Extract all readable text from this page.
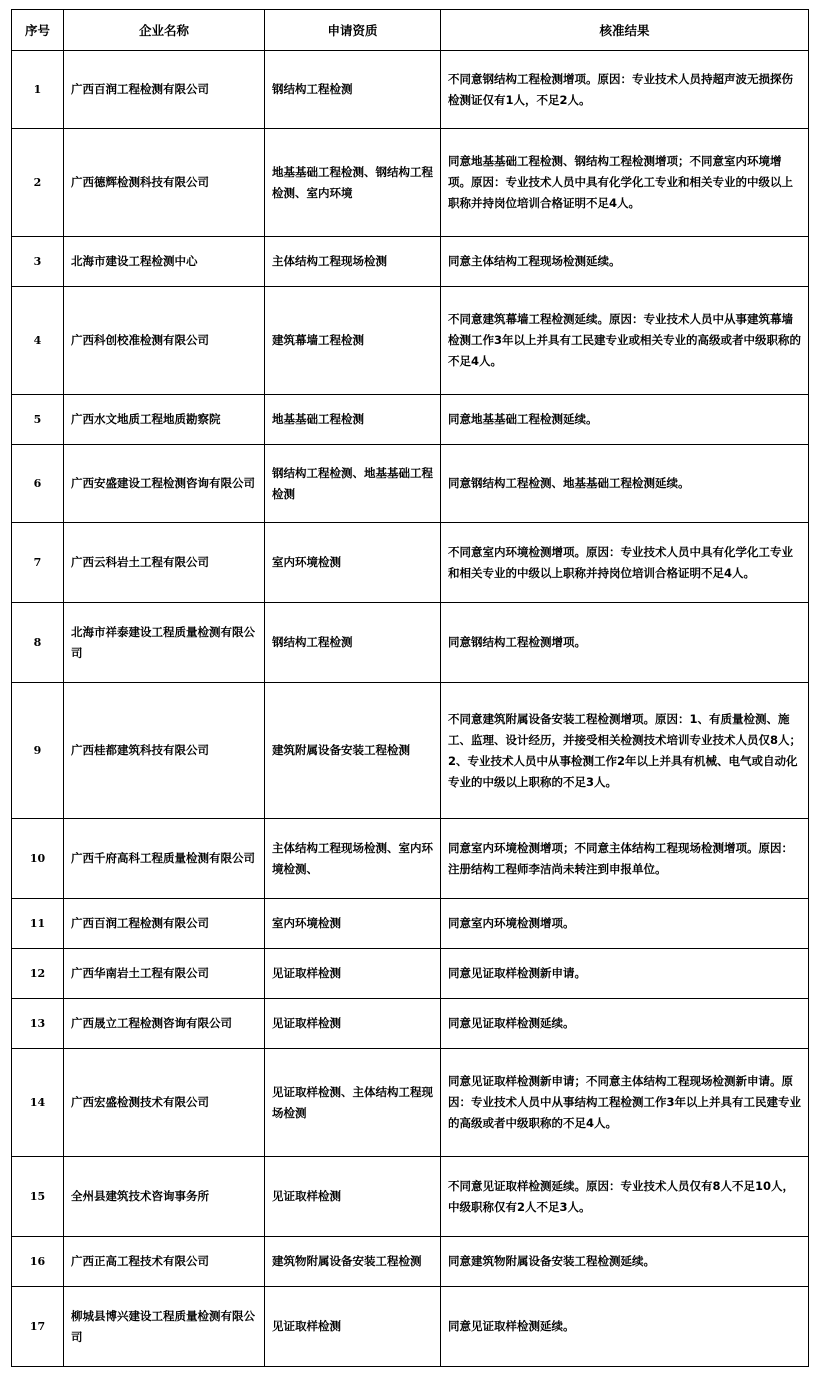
序号	企业名称	申请资质	核准结果
1	广西百润工程检测有限公司	钢结构工程检测	不同意钢结构工程检测增项。原因：专业技术人员持超声波无损探伤检测证仅有1人，不足2人。
2	广西德辉检测科技有限公司	地基基础工程检测、钢结构工程检测、室内环境	同意地基基础工程检测、钢结构工程检测增项；不同意室内环境增项。原因：专业技术人员中具有化学化工专业和相关专业的中级以上职称并持岗位培训合格证明不足4人。
3	北海市建设工程检测中心	主体结构工程现场检测	同意主体结构工程现场检测延续。
4	广西科创校准检测有限公司	建筑幕墙工程检测	不同意建筑幕墙工程检测延续。原因：专业技术人员中从事建筑幕墙检测工作3年以上并具有工民建专业或相关专业的高级或者中级职称的不足4人。
5	广西水文地质工程地质勘察院	地基基础工程检测	同意地基基础工程检测延续。
6	广西安盛建设工程检测咨询有限公司	钢结构工程检测、地基基础工程检测	同意钢结构工程检测、地基基础工程检测延续。
7	广西云科岩土工程有限公司	室内环境检测	不同意室内环境检测增项。原因：专业技术人员中具有化学化工专业和相关专业的中级以上职称并持岗位培训合格证明不足4人。
8	北海市祥泰建设工程质量检测有限公司	钢结构工程检测	同意钢结构工程检测增项。
9	广西桂都建筑科技有限公司	建筑附属设备安装工程检测	不同意建筑附属设备安装工程检测增项。原因：1、有质量检测、施工、监理、设计经历，并接受相关检测技术培训专业技术人员仅8人；2、专业技术人员中从事检测工作2年以上并具有机械、电气或自动化专业的中级以上职称的不足3人。
10	广西千府高科工程质量检测有限公司	主体结构工程现场检测、室内环境检测、	同意室内环境检测增项；不同意主体结构工程现场检测增项。原因：注册结构工程师李洁尚未转注到申报单位。
11	广西百润工程检测有限公司	室内环境检测	同意室内环境检测增项。
12	广西华南岩土工程有限公司	见证取样检测	同意见证取样检测新申请。
13	广西晟立工程检测咨询有限公司	见证取样检测	同意见证取样检测延续。
14	广西宏盛检测技术有限公司	见证取样检测、主体结构工程现场检测	同意见证取样检测新申请；不同意主体结构工程现场检测新申请。原因：专业技术人员中从事结构工程检测工作3年以上并具有工民建专业的高级或者中级职称的不足4人。
15	全州县建筑技术咨询事务所	见证取样检测	不同意见证取样检测延续。原因：专业技术人员仅有8人不足10人，中级职称仅有2人不足3人。
16	广西正高工程技术有限公司	建筑物附属设备安装工程检测	同意建筑物附属设备安装工程检测延续。
17	柳城县博兴建设工程质量检测有限公司	见证取样检测	同意见证取样检测延续。
